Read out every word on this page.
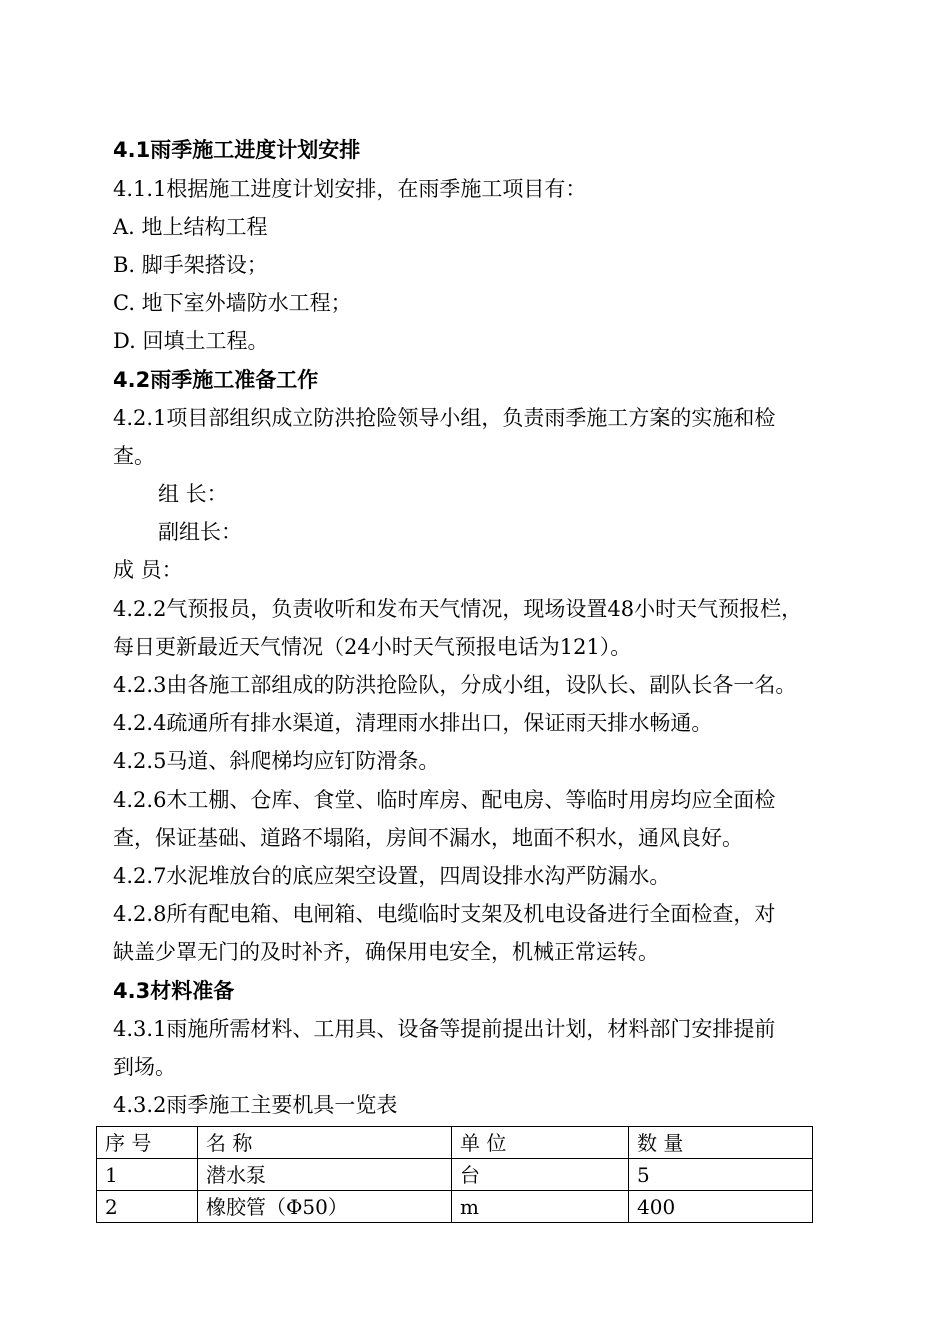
4.1雨季施工进度计划安排
4.1.1根据施工进度计划安排，在雨季施工项目有：
A. 地上结构工程
B. 脚手架搭设；
C. 地下室外墙防水工程；
D. 回填土工程。
4.2雨季施工准备工作
4.2.1项目部组织成立防洪抢险领导小组，负责雨季施工方案的实施和检
查。
组 长：
副组长：
成 员：
4.2.2气预报员，负责收听和发布天气情况，现场设置48小时天气预报栏，
每日更新最近天气情况（24小时天气预报电话为121）。
4.2.3由各施工部组成的防洪抢险队，分成小组，设队长、副队长各一名。
4.2.4疏通所有排水渠道，清理雨水排出口，保证雨天排水畅通。
4.2.5马道、斜爬梯均应钉防滑条。
4.2.6木工棚、仓库、食堂、临时库房、配电房、等临时用房均应全面检
查，保证基础、道路不塌陷，房间不漏水，地面不积水，通风良好。
4.2.7水泥堆放台的底应架空设置，四周设排水沟严防漏水。
4.2.8所有配电箱、电闸箱、电缆临时支架及机电设备进行全面检查，对
缺盖少罩无门的及时补齐，确保用电安全，机械正常运转。
4.3材料准备
4.3.1雨施所需材料、工用具、设备等提前提出计划，材料部门安排提前
到场。
4.3.2雨季施工主要机具一览表
序 号	名 称	单 位	数 量
1	潜水泵	台	5
2	橡胶管（Φ50）	m	400
